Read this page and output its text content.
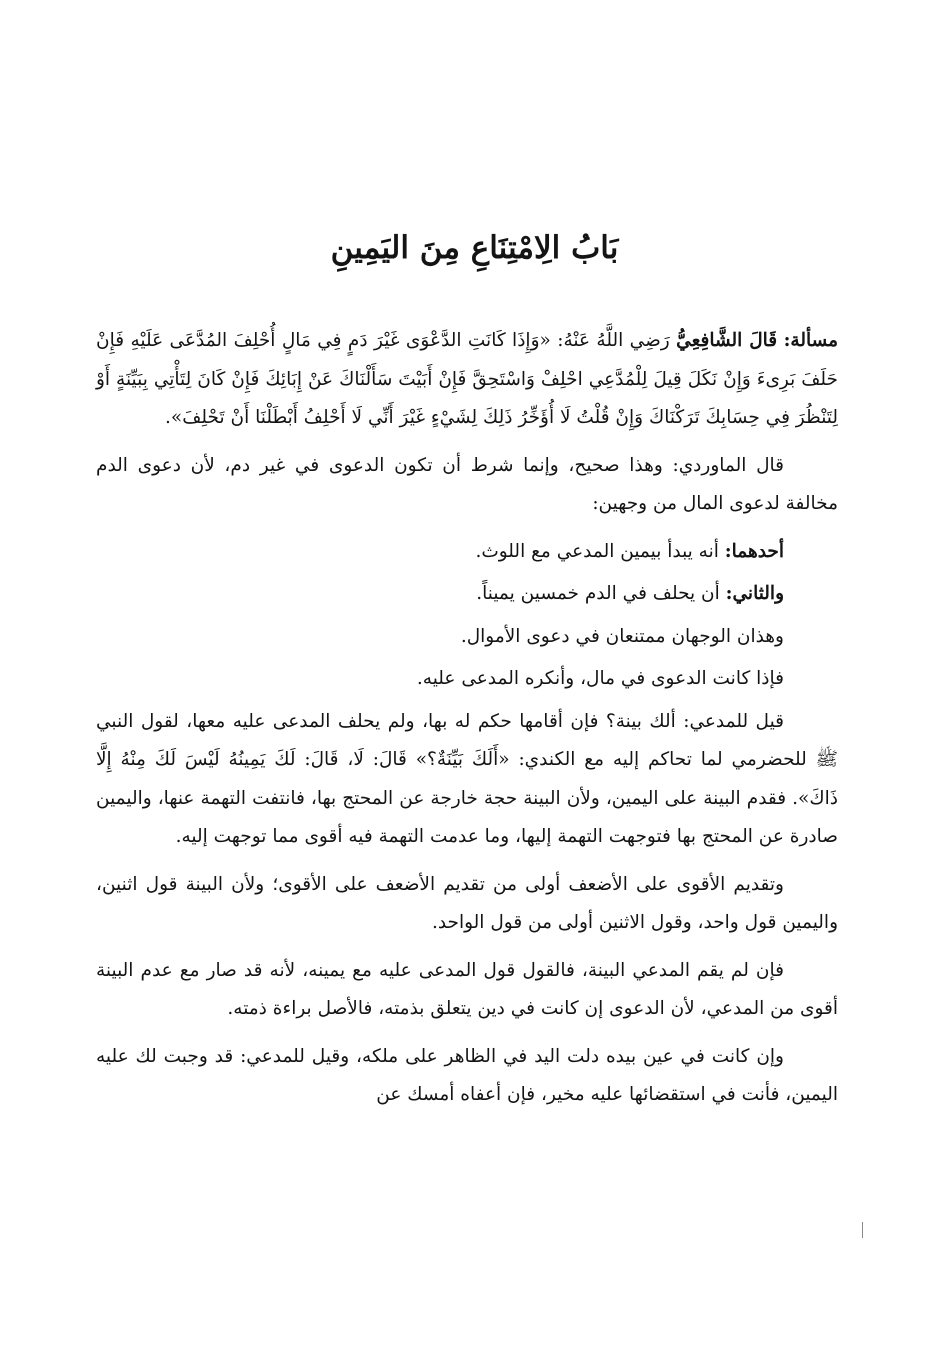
بَابُ الِامْتِنَاعِ مِنَ اليَمِينِ

مسألة: قَالَ الشَّافِعِيُّ رَضِي اللَّهُ عَنْهُ: «وَإِذَا كَانَتِ الدَّعْوَى غَيْرَ دَمٍ فِي مَالٍ أُحْلِفَ المُدَّعَى عَلَيْهِ فَإِنْ حَلَفَ بَرِىءَ وَإِنْ نَكَلَ قِيلَ لِلْمُدَّعِي احْلِفْ وَاسْتَحِقَّ فَإِنْ أَبَيْتَ سَأَلْنَاكَ عَنْ إِبَائِكَ فَإِنْ كَانَ لِتَأْتِي بِبَيِّنَةٍ أَوْ لِتَنْظُرَ فِي حِسَابِكَ تَرَكْنَاكَ وَإِنْ قُلْتُ لَا أُؤَخِّرُ ذَلِكَ لِشَيْءٍ غَيْرَ أَنِّي لَا أَحْلِفُ أَبْطَلْنَا أَنْ تَحْلِفَ».

قال الماوردي: وهذا صحيح، وإنما شرط أن تكون الدعوى في غير دم، لأن دعوى الدم مخالفة لدعوى المال من وجهين:

أحدهما: أنه يبدأ بيمين المدعي مع اللوث.

والثاني: أن يحلف في الدم خمسين يميناً.

وهذان الوجهان ممتنعان في دعوى الأموال.

فإذا كانت الدعوى في مال، وأنكره المدعى عليه.

قيل للمدعي: ألك بينة؟ فإن أقامها حكم له بها، ولم يحلف المدعى عليه معها، لقول النبي ﷺ للحضرمي لما تحاكم إليه مع الكندي: «أَلَكَ بَيِّنَةٌ؟» قَالَ: لَا، قَالَ: لَكَ يَمِينُهُ لَيْسَ لَكَ مِنْهُ إِلَّا ذَاكَ». فقدم البينة على اليمين، ولأن البينة حجة خارجة عن المحتج بها، فانتفت التهمة عنها، واليمين صادرة عن المحتج بها فتوجهت التهمة إليها، وما عدمت التهمة فيه أقوى مما توجهت إليه.

وتقديم الأقوى على الأضعف أولى من تقديم الأضعف على الأقوى؛ ولأن البينة قول اثنين، واليمين قول واحد، وقول الاثنين أولى من قول الواحد.

فإن لم يقم المدعي البينة، فالقول قول المدعى عليه مع يمينه، لأنه قد صار مع عدم البينة أقوى من المدعي، لأن الدعوى إن كانت في دين يتعلق بذمته، فالأصل براءة ذمته.

وإن كانت في عين بيده دلت اليد في الظاهر على ملكه، وقيل للمدعي: قد وجبت لك عليه اليمين، فأنت في استقضائها عليه مخير، فإن أعفاه أمسك عن
